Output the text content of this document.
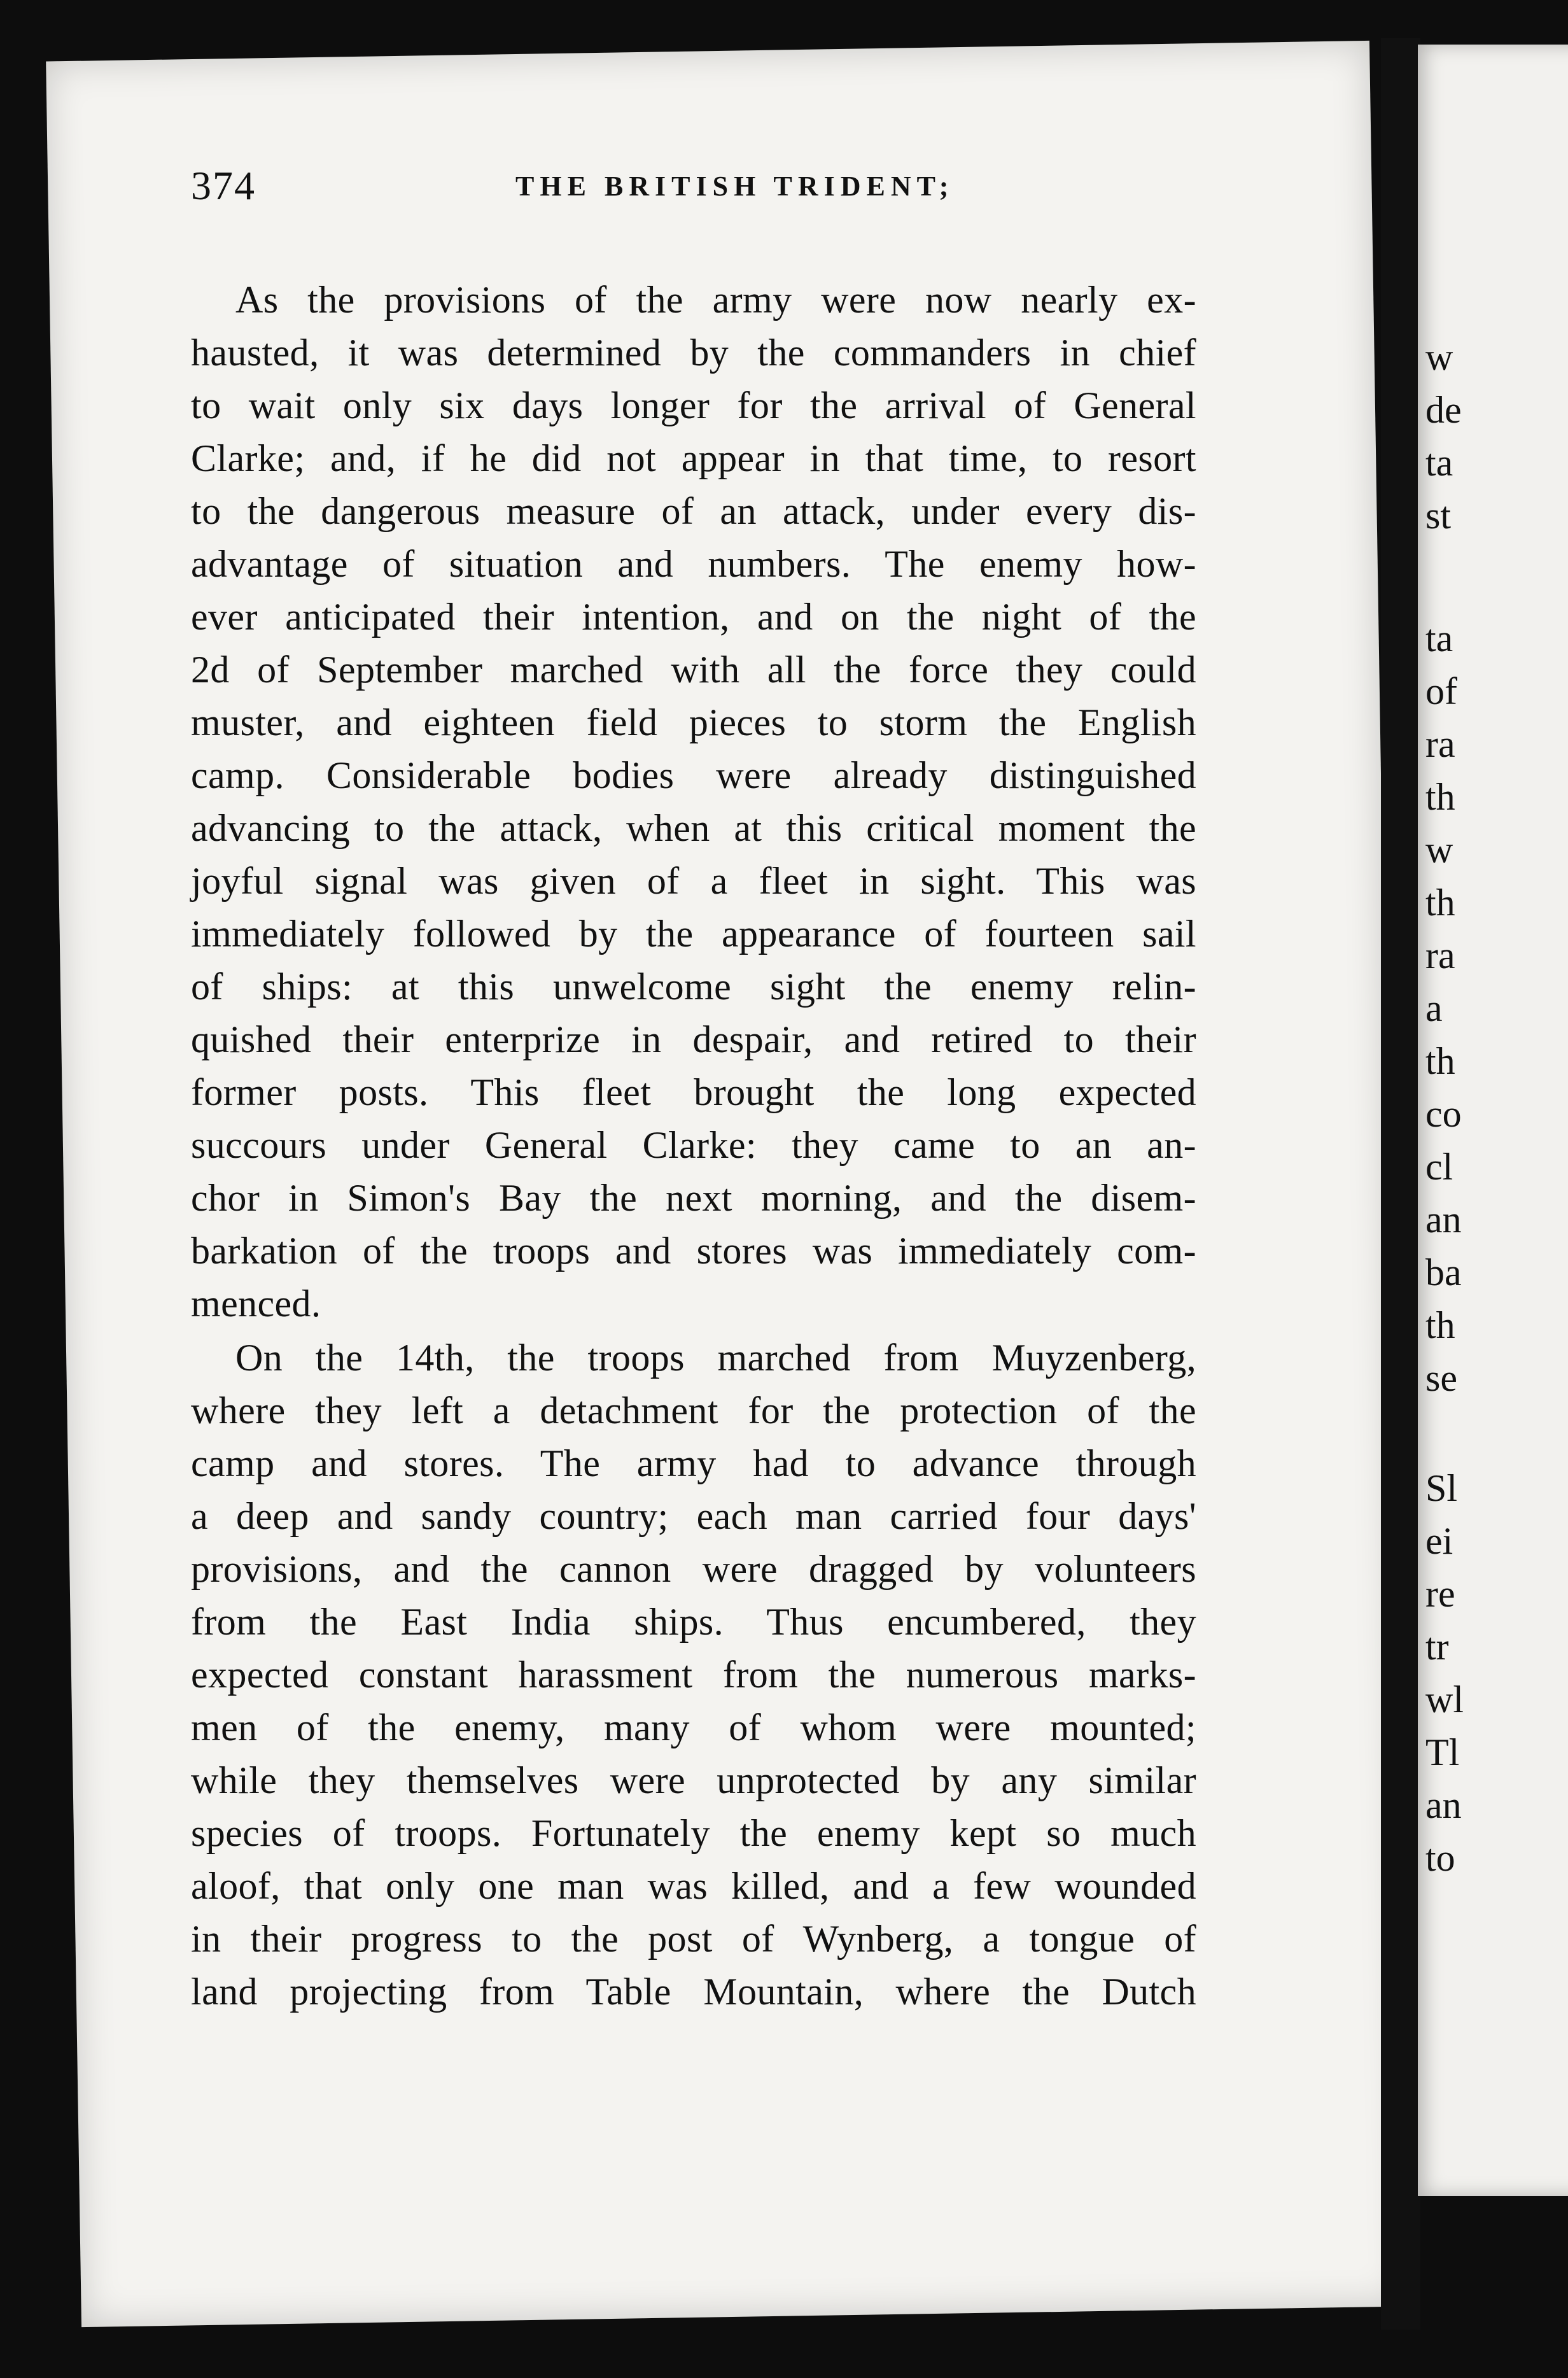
374	THE BRITISH TRIDENT;
As the provisions of the army were now nearly ex-
hausted, it was determined by the commanders in chief
to wait only six days longer for the arrival of General
Clarke; and, if he did not appear in that time, to resort
to the dangerous measure of an attack, under every dis-
advantage of situation and numbers. The enemy how-
ever anticipated their intention, and on the night of the
2d of September marched with all the force they could
muster, and eighteen field pieces to storm the English
camp. Considerable bodies were already distinguished
advancing to the attack, when at this critical moment the
joyful signal was given of a fleet in sight. This was
immediately followed by the appearance of fourteen sail
of ships: at this unwelcome sight the enemy relin-
quished their enterprize in despair, and retired to their
former posts. This fleet brought the long expected
succours under General Clarke: they came to an an-
chor in Simon's Bay the next morning, and the disem-
barkation of the troops and stores was immediately com-
menced.
On the 14th, the troops marched from Muyzenberg,
where they left a detachment for the protection of the
camp and stores. The army had to advance through
a deep and sandy country; each man carried four days'
provisions, and the cannon were dragged by volunteers
from the East India ships. Thus encumbered, they
expected constant harassment from the numerous marks-
men of the enemy, many of whom were mounted;
while they themselves were unprotected by any similar
species of troops. Fortunately the enemy kept so much
aloof, that only one man was killed, and a few wounded
in their progress to the post of Wynberg, a tongue of
land projecting from Table Mountain, where the Dutch
w
de
ta
st
ta
of
ra
th
w
th
ra
a
th
co
cl
an
ba
th
se
Sl
ei
re
tr
wl
Tl
an
to
